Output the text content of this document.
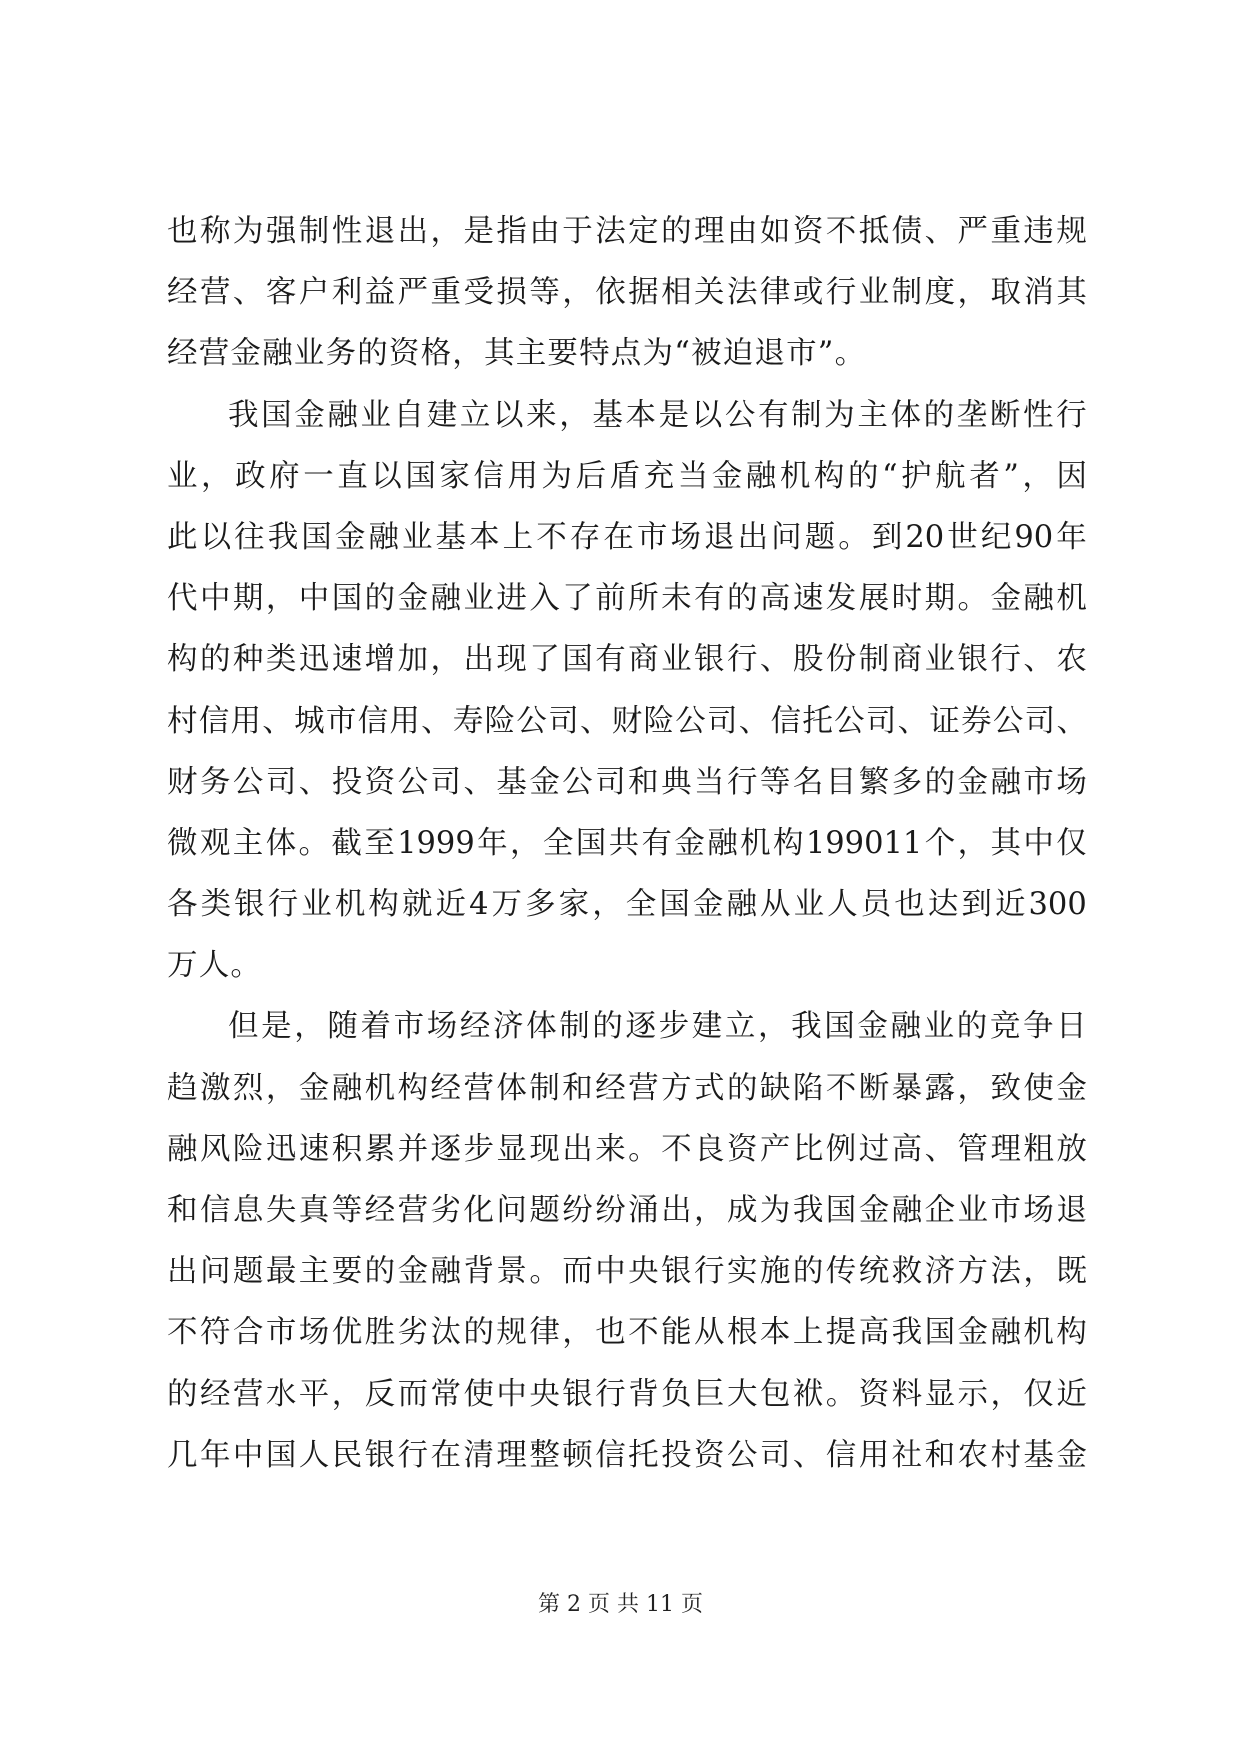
也 称 为 强 制 性 退 出 ， 是 指 由 于 法 定 的 理 由 如 资 不 抵 债 、 严 重 违 规
经 营 、 客 户 利 益 严 重 受 损 等 ， 依 据 相 关 法 律 或 行 业 制 度 ， 取 消 其
经营金融业务的资格，其主要特点为“被迫退市”。
我 国 金 融 业 自 建 立 以 来 ， 基 本 是 以 公 有 制 为 主 体 的 垄 断 性 行
业 ， 政 府 一 直 以 国 家 信 用 为 后 盾 充 当 金 融 机 构 的 “ 护 航 者 ” ， 因
此 以 往 我 国 金 融 业 基 本 上 不 存 在 市 场 退 出 问 题 。 到 20 世 纪 90 年
代 中 期 ， 中 国 的 金 融 业 进 入 了 前 所 未 有 的 高 速 发 展 时 期 。 金 融 机
构 的 种 类 迅 速 增 加 ， 出 现 了 国 有 商 业 银 行 、 股 份 制 商 业 银 行 、 农
村 信 用 、 城 市 信 用 、 寿 险 公 司 、 财 险 公 司 、 信 托 公 司 、 证 券 公 司 、
财 务 公 司 、 投 资 公 司 、 基 金 公 司 和 典 当 行 等 名 目 繁 多 的 金 融 市 场
微 观 主 体 。 截 至 1999 年 ， 全 国 共 有 金 融 机 构 199011 个 ， 其 中 仅
各 类 银 行 业 机 构 就 近 4 万 多 家 ， 全 国 金 融 从 业 人 员 也 达 到 近 300
万人。
但 是 ， 随 着 市 场 经 济 体 制 的 逐 步 建 立 ， 我 国 金 融 业 的 竞 争 日
趋 激 烈 ， 金 融 机 构 经 营 体 制 和 经 营 方 式 的 缺 陷 不 断 暴 露 ， 致 使 金
融 风 险 迅 速 积 累 并 逐 步 显 现 出 来 。 不 良 资 产 比 例 过 高 、 管 理 粗 放
和 信 息 失 真 等 经 营 劣 化 问 题 纷 纷 涌 出 ， 成 为 我 国 金 融 企 业 市 场 退
出 问 题 最 主 要 的 金 融 背 景 。 而 中 央 银 行 实 施 的 传 统 救 济 方 法 ， 既
不 符 合 市 场 优 胜 劣 汰 的 规 律 ， 也 不 能 从 根 本 上 提 高 我 国 金 融 机 构
的 经 营 水 平 ， 反 而 常 使 中 央 银 行 背 负 巨 大 包 袱 。 资 料 显 示 ， 仅 近
几 年 中 国 人 民 银 行 在 清 理 整 顿 信 托 投 资 公 司 、 信 用 社 和 农 村 基 金
第 2 页 共 11 页
